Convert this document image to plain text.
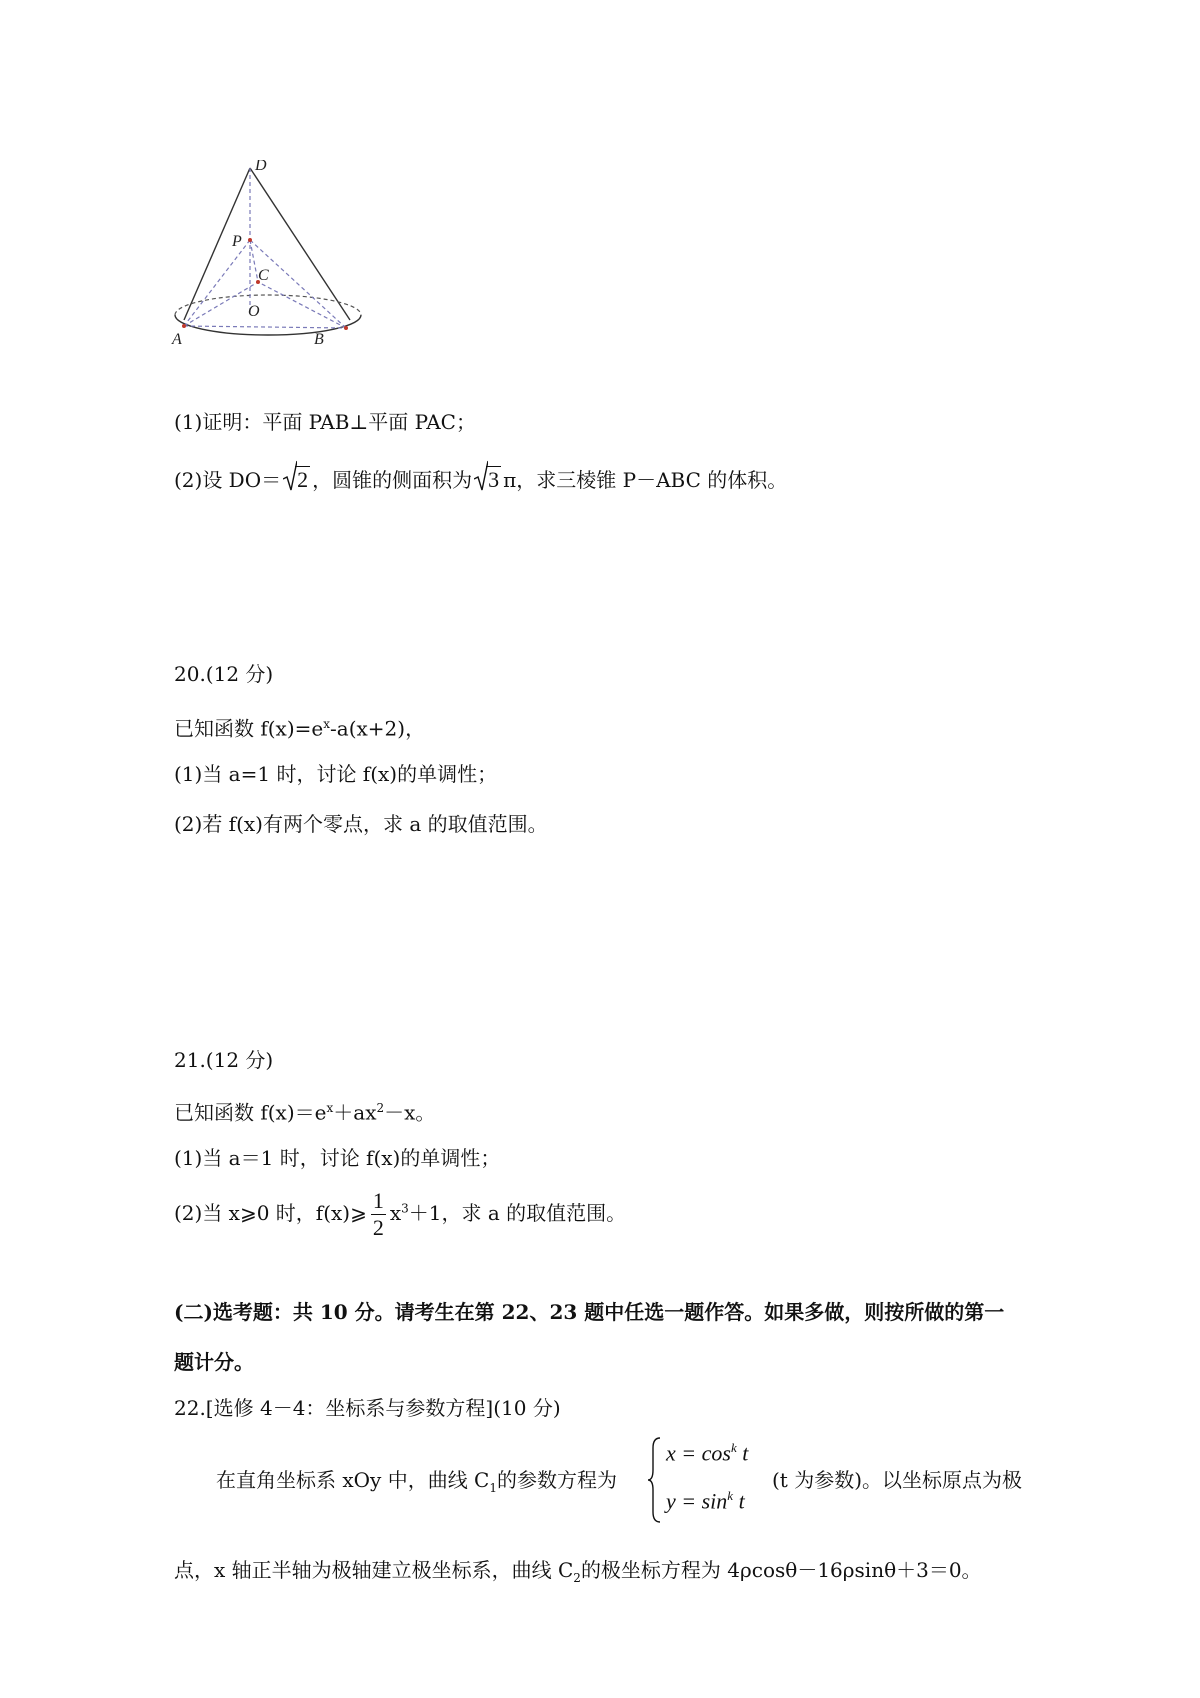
D
P
C
O
A	B
(1)证明：平面 PAB⊥平面 PAC；
(2)设 DO＝ 2 ，圆锥的侧面积为 3 π，求三棱锥 P－ABC 的体积。
20.(12 分)
已知函数 $f(x)=e^x-a(x+2)$，
(1)当 a=1 时，讨论 f(x)的单调性；
(2)若 f(x)有两个零点，求 a 的取值范围。
21.(12 分)
已知函数 $f(x)=e^x+ax^2-x$。
(1)当 a＝1 时，讨论 f(x)的单调性；
(2)当 x⩾0 时，f(x)⩾ $\frac{1}{2} x^3+1$，求 a 的取值范围。
(二)选考题：共 10 分。请考生在第 22、23 题中任选一题作答。如果多做，则按所做的第一
题计分。
22.[选修 4－4：坐标系与参数方程](10 分)
在直角坐标系 xOy 中，曲线 $C_1$的参数方程为
$x = \cos^k t$
$y = \sin^k t$
(t 为参数)。以坐标原点为极
点，x 轴正半轴为极轴建立极坐标系，曲线 $C_2$的极坐标方程为 4ρcosθ－16ρsinθ＋3＝0。
